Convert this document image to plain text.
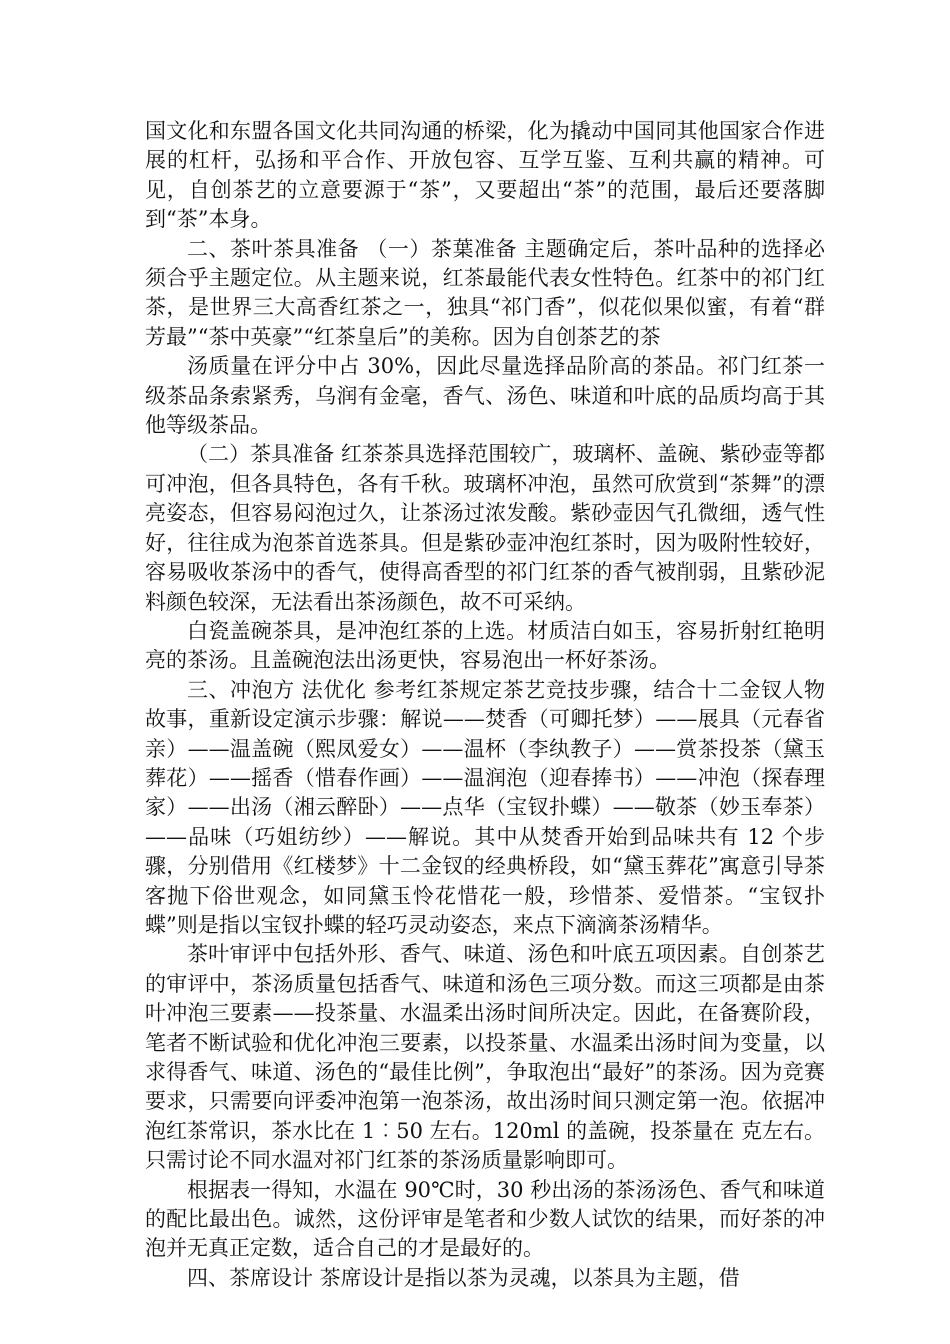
国文化和东盟各国文化共同沟通的桥梁，化为撬动中国同其他国家合作进展的杠杆，弘扬和平合作、开放包容、互学互鉴、互利共赢的精神。可见，自创茶艺的立意要源于“茶”，又要超出“茶”的范围，最后还要落脚到“茶”本身。

二、茶叶茶具准备 （一）茶葉准备 主题确定后，茶叶品种的选择必须合乎主题定位。从主题来说，红茶最能代表女性特色。红茶中的祁门红茶，是世界三大高香红茶之一，独具“祁门香”，似花似果似蜜，有着“群芳最”“茶中英豪”“红茶皇后”的美称。因为自创茶艺的茶

汤质量在评分中占 30%，因此尽量选择品阶高的茶品。祁门红茶一级茶品条索紧秀，乌润有金毫，香气、汤色、味道和叶底的品质均高于其他等级茶品。

（二）茶具准备 红茶茶具选择范围较广，玻璃杯、盖碗、紫砂壶等都可冲泡，但各具特色，各有千秋。玻璃杯冲泡，虽然可欣赏到“茶舞”的漂亮姿态，但容易闷泡过久，让茶汤过浓发酸。紫砂壶因气孔微细，透气性好，往往成为泡茶首选茶具。但是紫砂壶冲泡红茶时，因为吸附性较好，容易吸收茶汤中的香气，使得高香型的祁门红茶的香气被削弱，且紫砂泥料颜色较深，无法看出茶汤颜色，故不可采纳。

白瓷盖碗茶具，是冲泡红茶的上选。材质洁白如玉，容易折射红艳明亮的茶汤。且盖碗泡法出汤更快，容易泡出一杯好茶汤。

三、冲泡方 法优化 参考红茶规定茶艺竞技步骤，结合十二金钗人物故事，重新设定演示步骤：解说——焚香（可卿托梦）——展具（元春省亲）——温盖碗（熙凤爱女）——温杯（李纨教子）——赏茶投茶（黛玉葬花）——摇香（惜春作画）——温润泡（迎春捧书）——冲泡（探春理家）——出汤（湘云醉卧）——点华（宝钗扑蝶）——敬茶（妙玉奉茶）——品味（巧姐纺纱）——解说。其中从焚香开始到品味共有 12 个步骤，分别借用《红楼梦》十二金钗的经典桥段，如“黛玉葬花”寓意引导茶客抛下俗世观念，如同黛玉怜花惜花一般，珍惜茶、爱惜茶。“宝钗扑蝶”则是指以宝钗扑蝶的轻巧灵动姿态，来点下滴滴茶汤精华。

茶叶审评中包括外形、香气、味道、汤色和叶底五项因素。自创茶艺的审评中，茶汤质量包括香气、味道和汤色三项分数。而这三项都是由茶叶冲泡三要素——投茶量、水温柔出汤时间所决定。因此，在备赛阶段，笔者不断试验和优化冲泡三要素，以投茶量、水温柔出汤时间为变量，以求得香气、味道、汤色的“最佳比例”，争取泡出“最好”的茶汤。因为竞赛要求，只需要向评委冲泡第一泡茶汤，故出汤时间只测定第一泡。依据冲泡红茶常识，茶水比在 1︰50 左右。120ml 的盖碗，投茶量在 克左右。只需讨论不同水温对祁门红茶的茶汤质量影响即可。

根据表一得知，水温在 90℃时，30 秒出汤的茶汤汤色、香气和味道的配比最出色。诚然，这份评审是笔者和少数人试饮的结果，而好茶的冲泡并无真正定数，适合自己的才是最好的。

四、茶席设计 茶席设计是指以茶为灵魂，以茶具为主题，借
